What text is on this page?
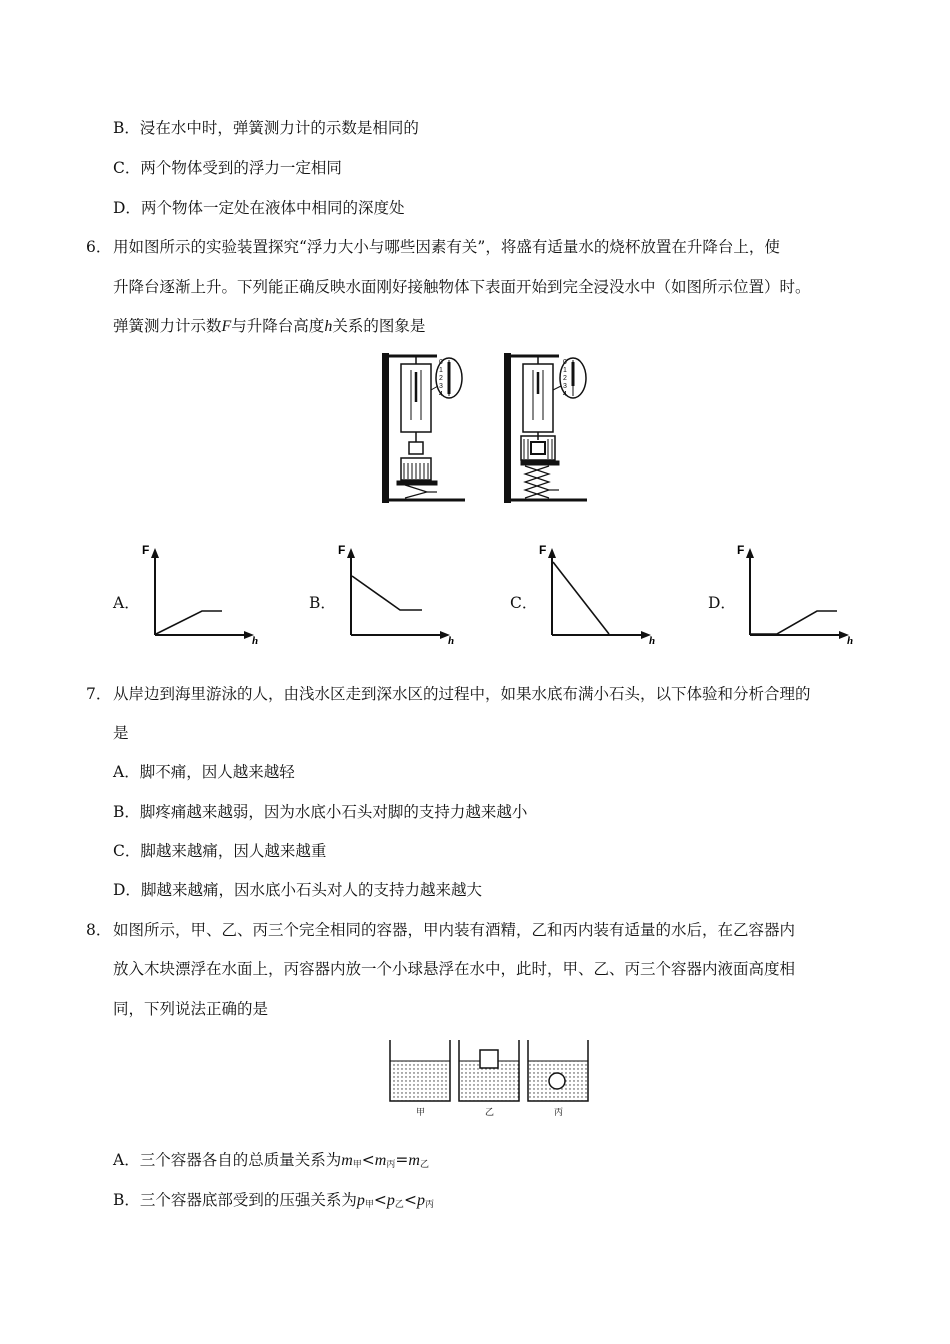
B．浸在水中时，弹簧测力计的示数是相同的
C．两个物体受到的浮力一定相同
D．两个物体一定处在液体中相同的深度处
6． 用如图所示的实验装置探究“浮力大小与哪些因素有关”，将盛有适量水的烧杯放置在升降台上，使
升降台逐渐上升。下列能正确反映水面刚好接触物体下表面开始到完全浸没水中（如图所示位置）时。
弹簧测力计示数F与升降台高度h关系的图象是
0
1
2
3
4
0
1
2
3
4
A．
F
h
B．
F
h
C．
F
h
D．
F
h
7． 从岸边到海里游泳的人，由浅水区走到深水区的过程中，如果水底布满小石头，以下体验和分析合理的
是
A．脚不痛，因人越来越轻
B．脚疼痛越来越弱，因为水底小石头对脚的支持力越来越小
C．脚越来越痛，因人越来越重
D．脚越来越痛，因水底小石头对人的支持力越来越大
8． 如图所示，甲、乙、丙三个完全相同的容器，甲内装有酒精，乙和丙内装有适量的水后，在乙容器内
放入木块漂浮在水面上，丙容器内放一个小球悬浮在水中，此时，甲、乙、丙三个容器内液面高度相
同，下列说法正确的是
甲	乙	丙
A．三个容器各自的总质量关系为$m_甲<m_丙=m_乙$
B．三个容器底部受到的压强关系为$p_甲<p_乙<p_丙$
